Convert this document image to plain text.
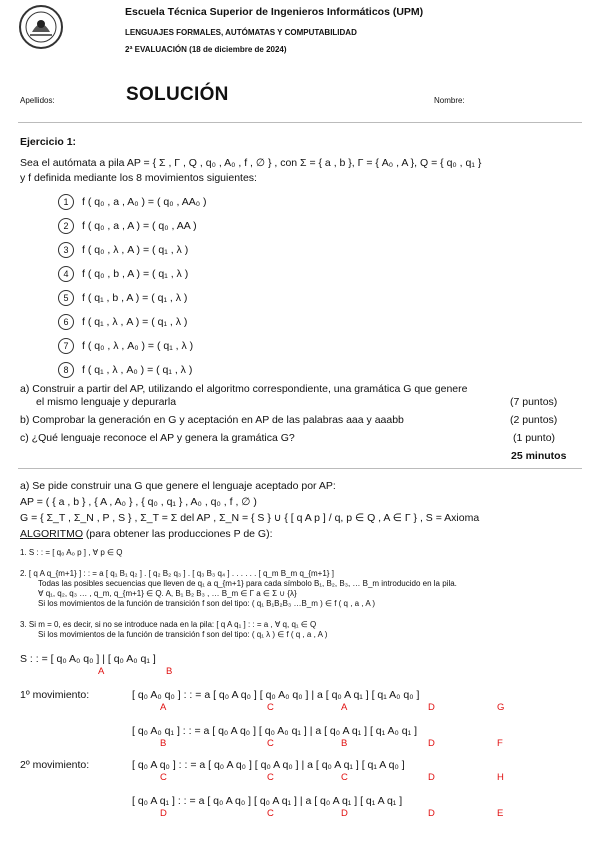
Escuela Técnica Superior de Ingenieros Informáticos (UPM)
LENGUAJES FORMALES, AUTÓMATAS Y COMPUTABILIDAD
2ª EVALUACIÓN (18 de diciembre de 2024)
Apellidos:	SOLUCIÓN	Nombre:
Ejercicio 1:
Sea el autómata a pila AP = { Σ , Γ , Q , q₀ , A₀ , f , ∅ } , con Σ = { a , b }, Γ = { A₀ , A }, Q = { q₀ , q₁ }
y f definida mediante los 8 movimientos siguientes:
1 f ( q₀ , a , A₀ ) = ( q₀ , AA₀ )
2 f ( q₀ , a , A ) = ( q₀ , AA )
3 f ( q₀ , λ , A ) = ( q₁ , λ )
4 f ( q₀ , b , A ) = ( q₁ , λ )
5 f ( q₁ , b , A ) = ( q₁ , λ )
6 f ( q₁ , λ , A ) = ( q₁ , λ )
7 f ( q₀ , λ , A₀ ) = ( q₁ , λ )
8 f ( q₁ , λ , A₀ ) = ( q₁ , λ )
a) Construir a partir del AP, utilizando el algoritmo correspondiente, una gramática G que genere
el mismo lenguaje y depurarla	(7 puntos)
b) Comprobar la generación en G y aceptación en AP de las palabras aaa y aaabb	(2 puntos)
c) ¿Qué lenguaje reconoce el AP y genera la gramática G?	(1 punto)
25 minutos
a) Se pide construir una G que genere el lenguaje aceptado por AP:
AP = ( { a , b } , { A , A₀ } , { q₀ , q₁ } , A₀ , q₀ , f , ∅ )
G = { Σ_T , Σ_N , P , S } , Σ_T = Σ del AP , Σ_N = { S } ∪ { [ q A p ] / q, p ∈ Q , A ∈ Γ } , S = Axioma
ALGORITMO (para obtener las producciones P de G):
1. S : : = [ q₀ A₀ p ] , ∀ p ∈ Q
2. [ q A q_{m+1} ] : : = a [ q₁ B₁ q₂ ] . [ q₂ B₂ q₃ ] . [ q₃ B₃ q₄ ] . . . . . . [ q_m B_m q_{m+1} ]
Todas las posibles secuencias que lleven de q₁ a q_{m+1} para cada símbolo B₁, B₂, B₃, … B_m introducido en la pila.
∀ q₁, q₂, q₃ … , q_m, q_{m+1} ∈ Q. A, B₁ B₂ B₃ , … B_m ∈ Γ a ∈ Σ ∪ {λ}
Si los movimientos de la función de transición f son del tipo: ( q₁ B₁B₂B₃ …B_m ) ∈ f ( q , a , A )
3. Si m = 0, es decir, si no se introduce nada en la pila: [ q A q₁ ] : : = a , ∀ q, q₁ ∈ Q
Si los movimientos de la función de transición f son del tipo: ( q₁ λ ) ∈ f ( q , a , A )
S : : = [ q₀ A₀ q₀ ] | [ q₀ A₀ q₁ ]
A	B
1º movimiento:	[ q₀ A₀ q₀ ] : : = a [ q₀ A q₀ ] [ q₀ A₀ q₀ ] | a [ q₀ A q₁ ] [ q₁ A₀ q₀ ]
A	C	A	D	G
[ q₀ A₀ q₁ ] : : = a [ q₀ A q₀ ] [ q₀ A₀ q₁ ] | a [ q₀ A q₁ ] [ q₁ A₀ q₁ ]
B	C	B	D	F
2º movimiento:	[ q₀ A q₀ ] : : = a [ q₀ A q₀ ] [ q₀ A q₀ ] | a [ q₀ A q₁ ] [ q₁ A q₀ ]
C	C	C	D	H
[ q₀ A q₁ ] : : = a [ q₀ A q₀ ] [ q₀ A q₁ ] | a [ q₀ A q₁ ] [ q₁ A q₁ ]
D	C	D	D	E
